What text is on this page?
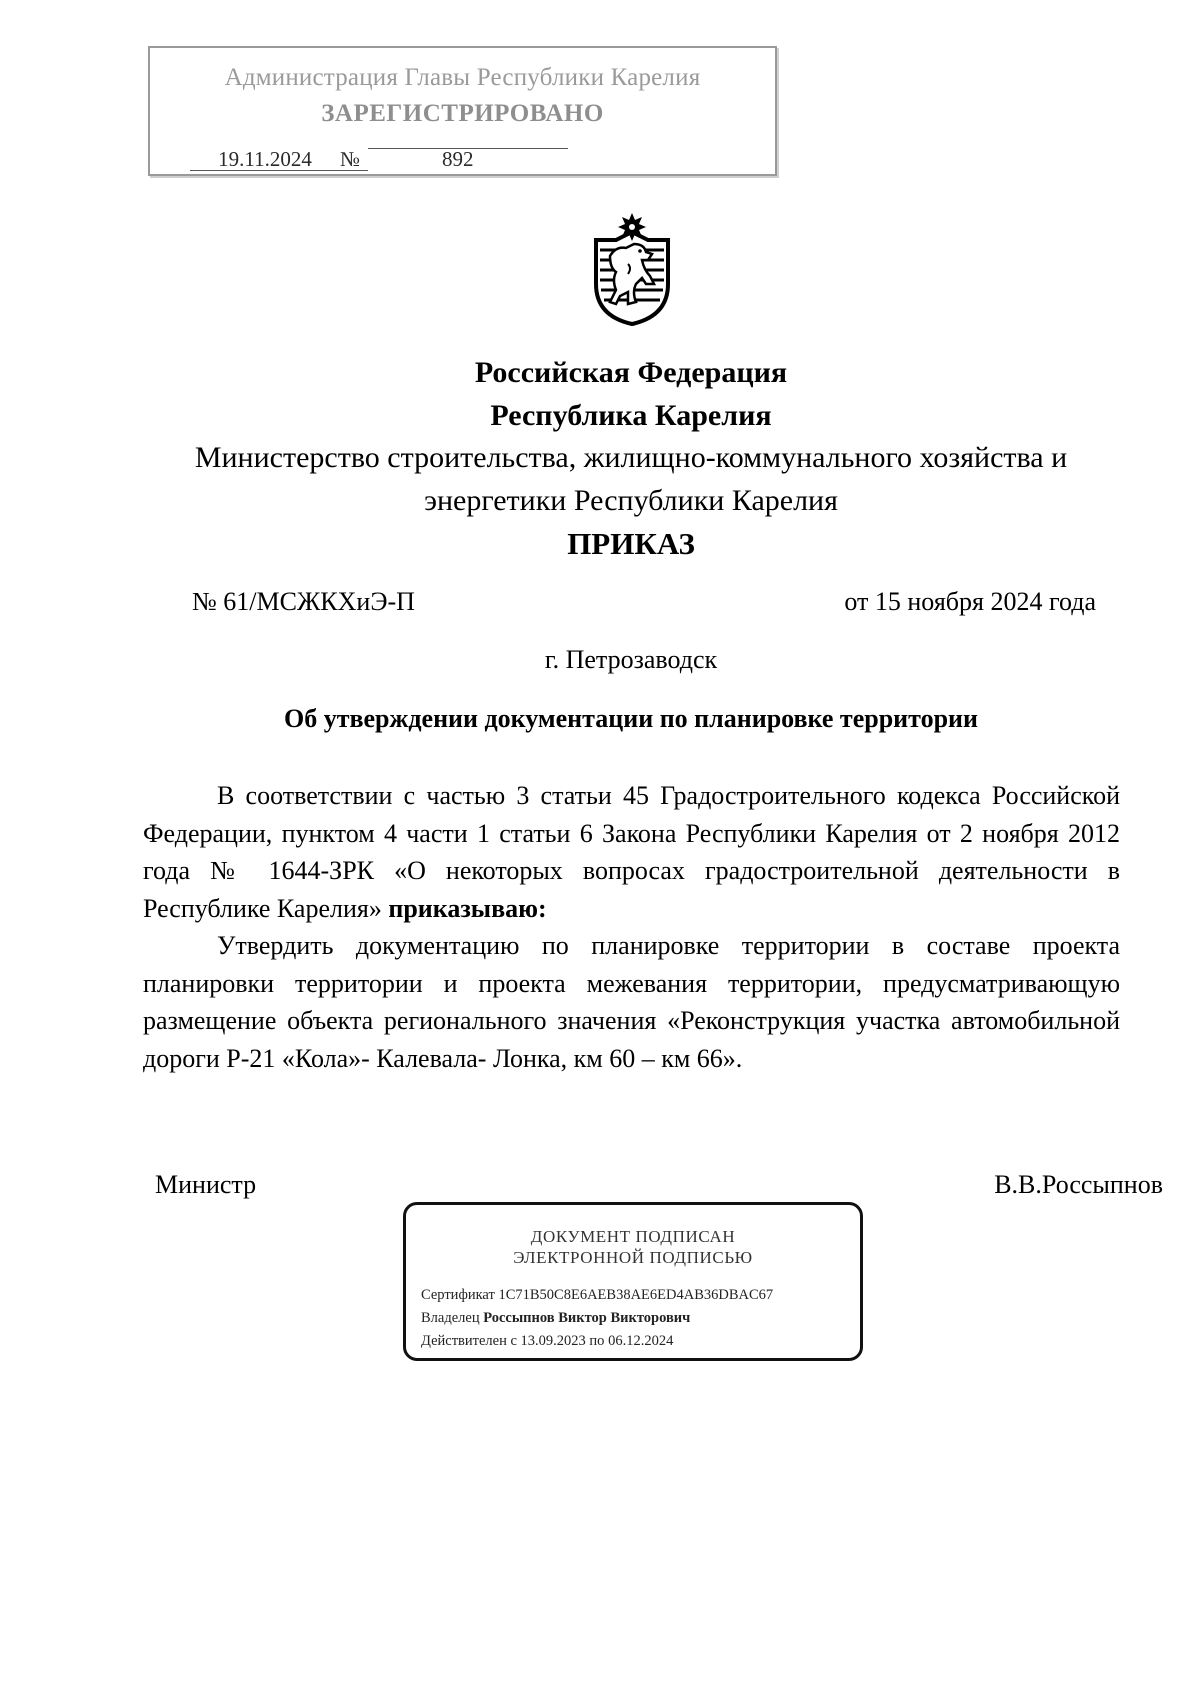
Администрация Главы Республики Карелия
ЗАРЕГИСТРИРОВАНО
19.11.2024	№	892
Российская Федерация
Республика Карелия
Министерство строительства, жилищно-коммунального хозяйства и
энергетики Республики Карелия
ПРИКАЗ
№ 61/МСЖКХиЭ-П	от 15 ноября 2024 года
г. Петрозаводск
Об утверждении документации по планировке территории
В соответствии с частью 3 статьи 45 Градостроительного кодекса Российской Федерации, пунктом 4 части 1 статьи 6 Закона Республики Карелия от 2 ноября 2012 года № 1644-ЗРК «О некоторых вопросах градостроительной деятельности в Республике Карелия» приказываю:
Утвердить документацию по планировке территории в составе проекта планировки территории и проекта межевания территории, предусматривающую размещение объекта регионального значения «Реконструкция участка автомобильной дороги Р-21 «Кола»- Калевала- Лонка, км 60 – км 66».
Министр	В.В.Россыпнов
ДОКУМЕНТ ПОДПИСАН
ЭЛЕКТРОННОЙ ПОДПИСЬЮ
Сертификат 1C71B50C8E6AEB38AE6ED4AB36DBAC67
Владелец Россыпнов Виктор Викторович
Действителен с 13.09.2023 по 06.12.2024
